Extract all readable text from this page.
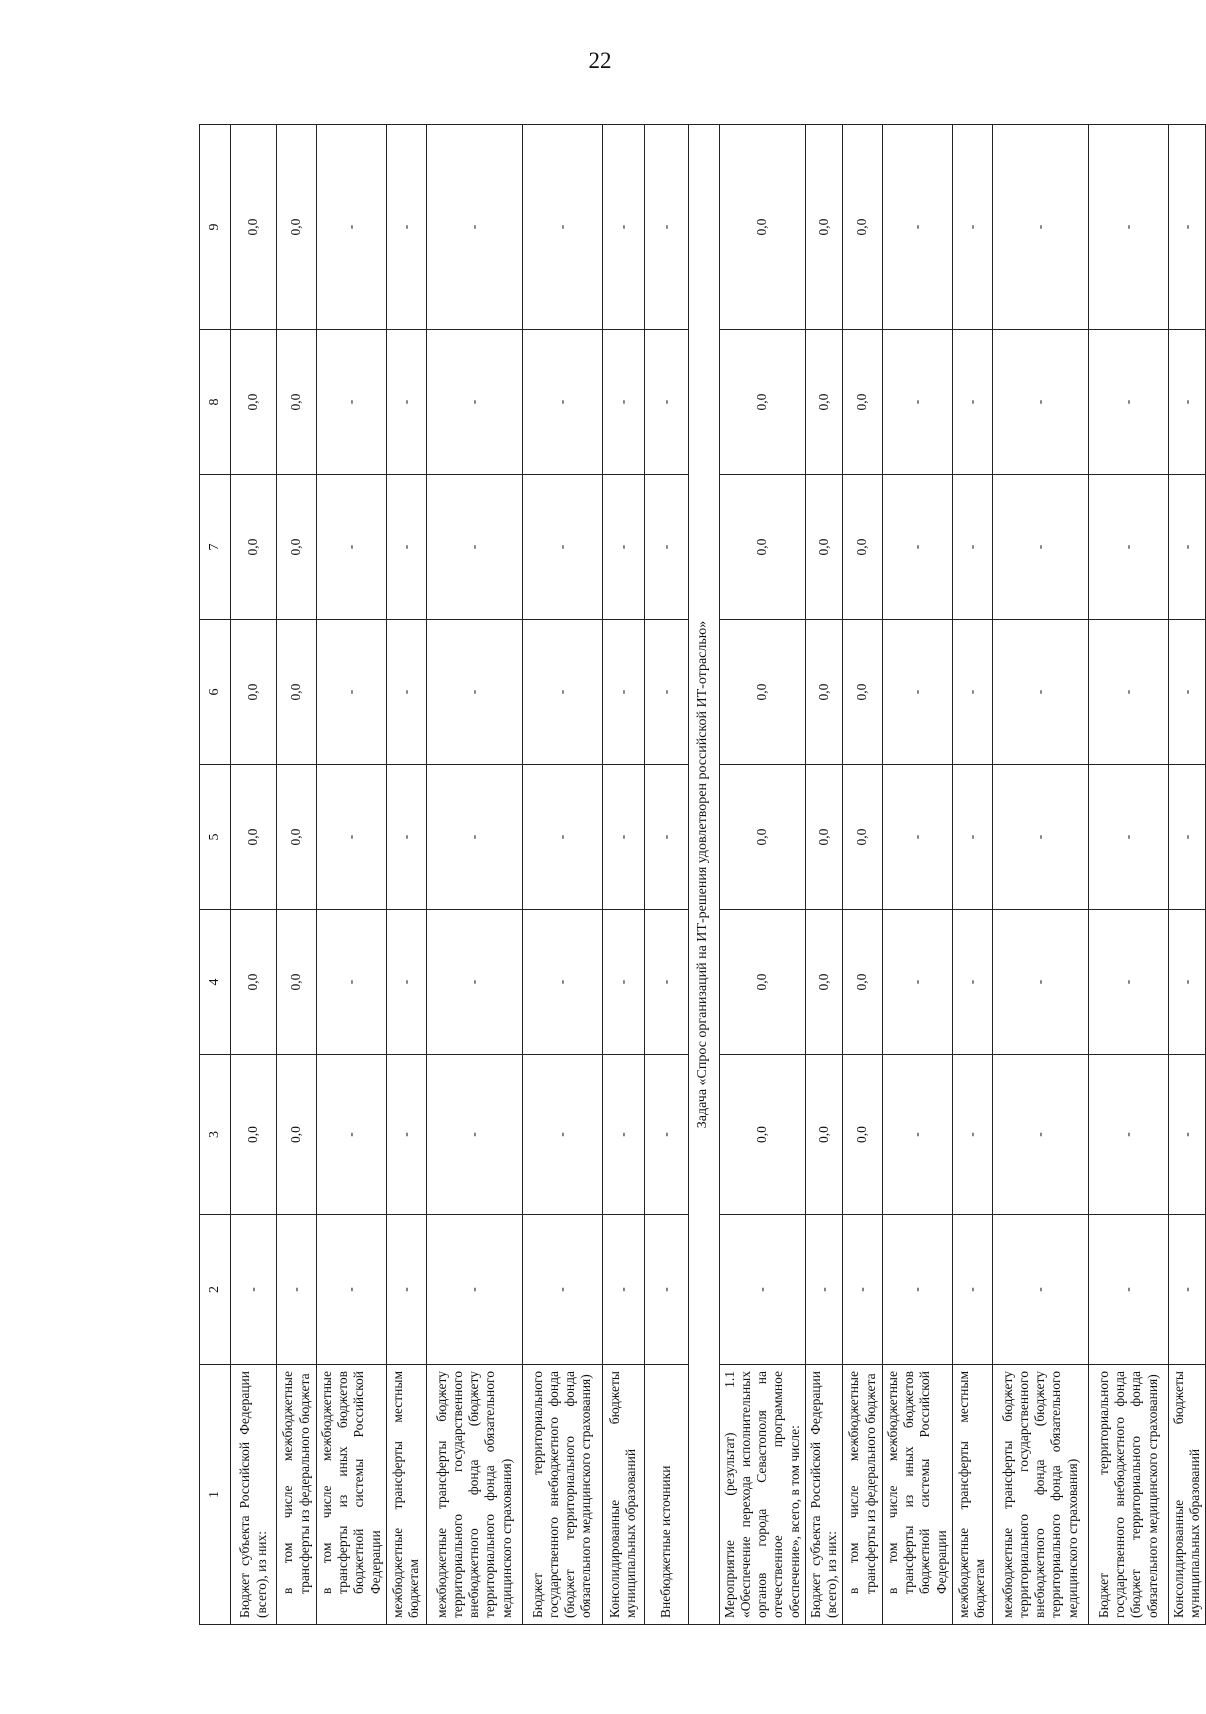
22
1	2	3	4	5	6	7	8	9
Бюджет субъекта Российской Федерации (всего), из них:	-	0,0	0,0	0,0	0,0	0,0	0,0	0,0
в том числе межбюджетные трансферты из федерального бюджета	-	0,0	0,0	0,0	0,0	0,0	0,0	0,0
в том числе межбюджетные трансферты из иных бюджетов бюджетной системы Российской Федерации	-	-	-	-	-	-	-	-
межбюджетные трансферты местным бюджетам	-	-	-	-	-	-	-	-
межбюджетные трансферты бюджету территориального государственного внебюджетного фонда (бюджету территориального фонда обязательного медицинского страхования)	-	-	-	-	-	-	-	-
Бюджет территориального государственного внебюджетного фонда (бюджет территориального фонда обязательного медицинского страхования)	-	-	-	-	-	-	-	-
Консолидированные бюджеты муниципальных образований	-	-	-	-	-	-	-	-
Внебюджетные источники	-	-	-	-	-	-	-	-
Задача «Спрос организаций на ИТ-решения удовлетворен российской ИТ-отраслью»								
Мероприятие (результат) 1.1 «Обеспечение перехода исполнительных органов города Севастополя на отечественное программное обеспечение», всего, в том числе:	-	0,0	0,0	0,0	0,0	0,0	0,0	0,0
Бюджет субъекта Российской Федерации (всего), из них:	-	0,0	0,0	0,0	0,0	0,0	0,0	0,0
в том числе межбюджетные трансферты из федерального бюджета	-	0,0	0,0	0,0	0,0	0,0	0,0	0,0
в том числе межбюджетные трансферты из иных бюджетов бюджетной системы Российской Федерации	-	-	-	-	-	-	-	-
межбюджетные трансферты местным бюджетам	-	-	-	-	-	-	-	-
межбюджетные трансферты бюджету территориального государственного внебюджетного фонда (бюджету территориального фонда обязательного медицинского страхования)	-	-	-	-	-	-	-	-
Бюджет территориального государственного внебюджетного фонда (бюджет территориального фонда обязательного медицинского страхования)	-	-	-	-	-	-	-	-
Консолидированные бюджеты муниципальных образований	-	-	-	-	-	-	-	-
